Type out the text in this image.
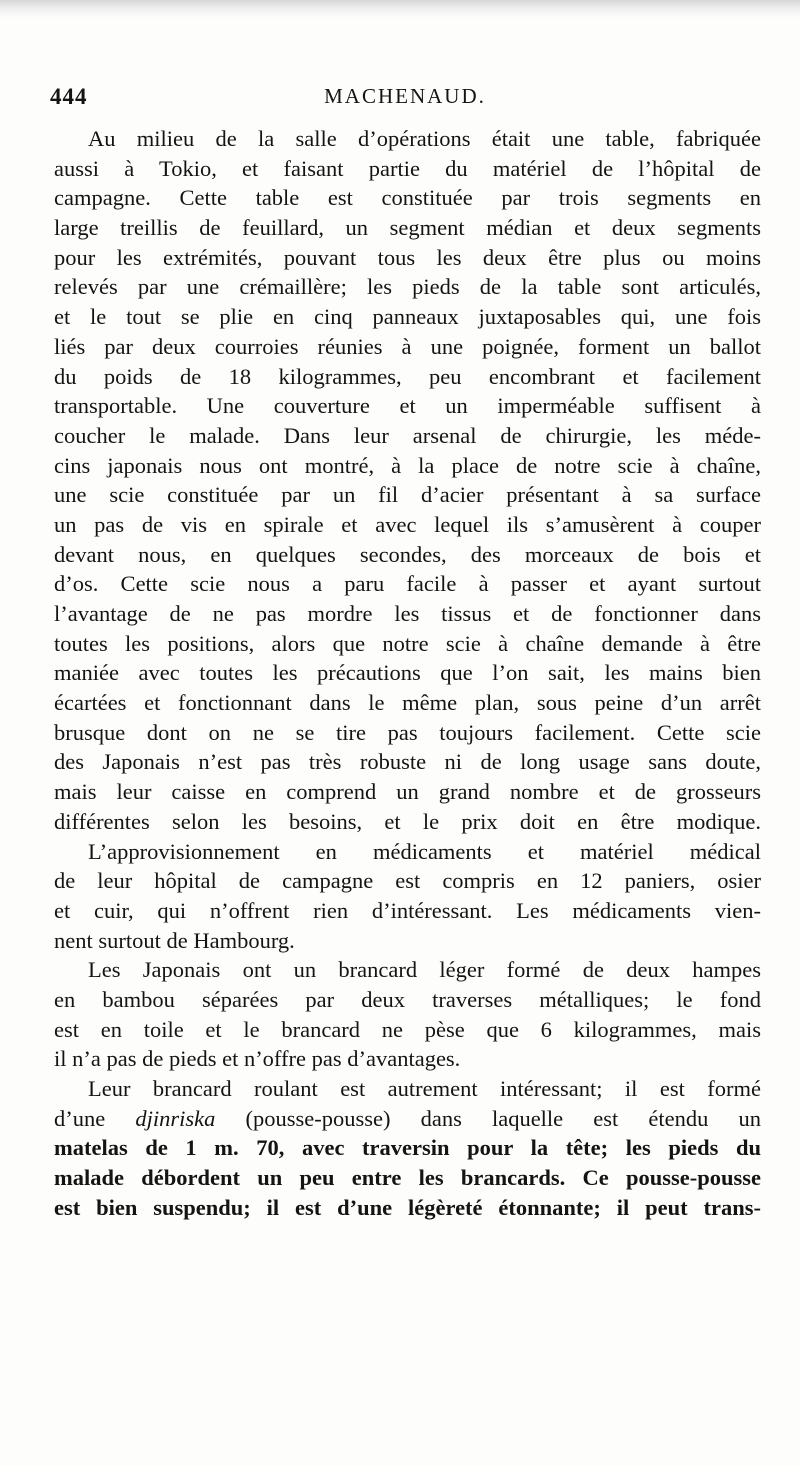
444	MACHENAUD.
Au milieu de la salle d’opérations était une table, fabriquée
aussi à Tokio, et faisant partie du matériel de l’hôpital de
campagne. Cette table est constituée par trois segments en
large treillis de feuillard, un segment médian et deux segments
pour les extrémités, pouvant tous les deux être plus ou moins
relevés par une crémaillère; les pieds de la table sont articulés,
et le tout se plie en cinq panneaux juxtaposables qui, une fois
liés par deux courroies réunies à une poignée, forment un ballot
du poids de 18 kilogrammes, peu encombrant et facilement
transportable. Une couverture et un imperméable suffisent à
coucher le malade. Dans leur arsenal de chirurgie, les méde-
cins japonais nous ont montré, à la place de notre scie à chaîne,
une scie constituée par un fil d’acier présentant à sa surface
un pas de vis en spirale et avec lequel ils s’amusèrent à couper
devant nous, en quelques secondes, des morceaux de bois et
d’os. Cette scie nous a paru facile à passer et ayant surtout
l’avantage de ne pas mordre les tissus et de fonctionner dans
toutes les positions, alors que notre scie à chaîne demande à être
maniée avec toutes les précautions que l’on sait, les mains bien
écartées et fonctionnant dans le même plan, sous peine d’un arrêt
brusque dont on ne se tire pas toujours facilement. Cette scie
des Japonais n’est pas très robuste ni de long usage sans doute,
mais leur caisse en comprend un grand nombre et de grosseurs
différentes selon les besoins, et le prix doit en être modique.
L’approvisionnement en médicaments et matériel médical
de leur hôpital de campagne est compris en 12 paniers, osier
et cuir, qui n’offrent rien d’intéressant. Les médicaments vien-
nent surtout de Hambourg.
Les Japonais ont un brancard léger formé de deux hampes
en bambou séparées par deux traverses métalliques; le fond
est en toile et le brancard ne pèse que 6 kilogrammes, mais
il n’a pas de pieds et n’offre pas d’avantages.
Leur brancard roulant est autrement intéressant; il est formé
d’une djinriska (pousse-pousse) dans laquelle est étendu un
matelas de 1 m. 70, avec traversin pour la tête; les pieds du
malade débordent un peu entre les brancards. Ce pousse-pousse
est bien suspendu; il est d’une légèreté étonnante; il peut trans-
